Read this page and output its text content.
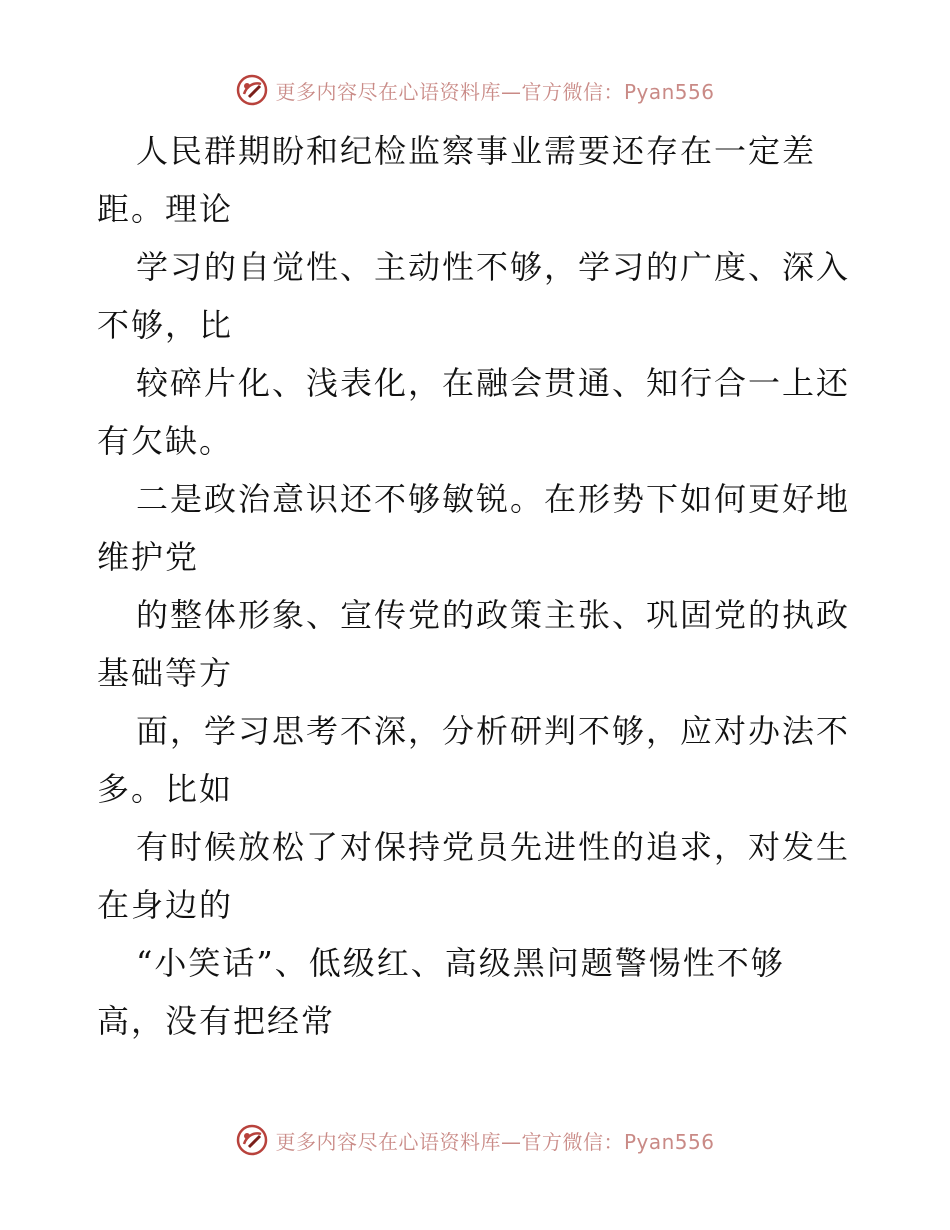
更多内容尽在心语资料库—官方微信：Pyan556
人民群期盼和纪检监察事业需要还存在一定差
距。理论
学习的自觉性、主动性不够，学习的广度、深入
不够，比
较碎片化、浅表化，在融会贯通、知行合一上还
有欠缺。
二是政治意识还不够敏锐。在形势下如何更好地
维护党
的整体形象、宣传党的政策主张、巩固党的执政
基础等方
面，学习思考不深，分析研判不够，应对办法不
多。比如
有时候放松了对保持党员先进性的追求，对发生
在身边的
“小笑话”、低级红、高级黑问题警惕性不够
高，没有把经常
更多内容尽在心语资料库—官方微信：Pyan556
